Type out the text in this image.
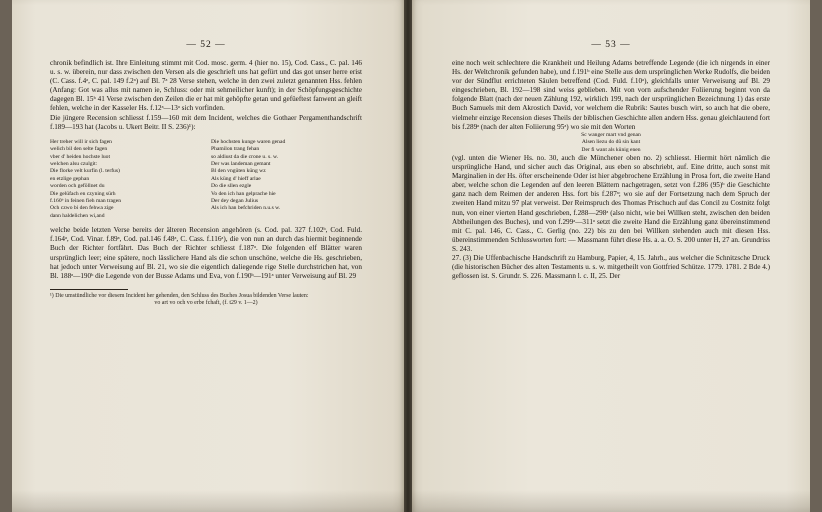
— 52 —

chronik befindlich ist. Ihre Einleitung stimmt mit Cod. mosc. germ. 4 (hier no. 15), Cod. Cass., C. pal. 146 u. s. w. überein, nur dass zwischen den Versen als die geschrieft uns hat gefürt und das got unser herre erist (C. Cass. f.4ᵃ, C. pal. 149 f.2ᵃ) auf Bl. 7ᵃ 28 Verse stehen, welche in den zwei zuletzt genannten Hss. fehlen (Anfang: Got was allus mit namen ie, Schluss: oder mit sehmeilicher kunft); in der Schöpfungsgeschichte dagegen Bl. 15ᵇ 41 Verse zwischen den Zeilen die er hat mit gehöpfte getan und gefüeftest fanwent an gleift fehlen, welche in der Kasseler Hs. f.12ᵃ—13ᵃ sich vorfinden.

Die jüngere Recension schliesst f.159—160 mit dem Incident, welches die Gothaer Pergamenthandschrift f.189—193 hat (Jacobs u. Ukert Beitr. II S. 236)¹):

Her treher will ir sich fagen
welich bil den selte fagen
vber d' heiden hochste luot
welchen alsu czulgit:
Die florke velt kurfin (l. terfus)
en etzlige gephan
worden och geföllnet du
Die gelüfach en czyning sürh
f.160ᵇ in feinen fieh man tragen
Och czwo bi den fehwa zige
dann haldelichen wi,and
Die hochsten kunge waren genad
Phamilon trang fehan
so aldiust da die crone u. s. w.
Der was landeman gemant
Bl den vngüten küng wz
Als küng d' hieff arlae
Do die sllen ezgle
Vo den ich han gelprache hie
Der dey degan Julius
Als ich han befchriden n.u.s w.

welche beide letzten Verse bereits der älteren Recension angehören (s. Cod. pal. 327 f.102ᵇ, Cod. Fuld. f.164ᵃ, Cod. Vinar. f.89ᵃ, Cod. pal.146 f.48ᵃ, C. Cass. f.116ᵃ), die von nun an durch das hiermit beginnende Buch der Richter fortfährt. Das Buch der Richter schliesst f.187ᵃ. Die folgenden elf Blätter waren ursprünglich leer; eine spätere, noch lässlichere Hand als die schon unschöne, welche die Hs. geschrieben, hat jedoch unter Verweisung auf Bl. 21, wo sie die eigentlich daliegende rige Stelle durchstrichen hat, von Bl. 188ᵃ—190ᵇ die Legende von der Busse Adams und Eva, von f.190ᵇ—191ᵃ unter Verweisung auf Bl. 29

¹) Die umstündliche vor diesem Incident her gehenden, den Schluss des Buches Josua bildenden Verse lauten:
vo art vo och vo erbe fchaft, (f. t29 v. 1—2)
— 53 —

eine noch weit schlechtere die Krankheit und Heilung Adams betreffende Legende (die ich nirgends in einer Hs. der Weltchronik gefunden habe), und f.191ᵇ eine Stelle aus dem ursprünglichen Werke Rudolfs, die beiden vor der Sündflut errichteten Säulen betreffend (Cod. Fuld. f.10ᵃ), gleichfalls unter Verweisung auf Bl. 29 eingeschrieben, Bl. 192—198 sind weiss geblieben. Mit von vorn aufschender Foliierung beginnt von da folgende Blatt (nach der neuen Zählung 192, wirklich 199, nach der ursprünglichen Bezeichnung 1) das erste Buch Samuels mit dem Akrostich David, vor welchem die Rubrik: Sautes busch wirt, so auch hat die obere, vielmehr einzige Recension dieses Theils der biblischen Geschichte allen andern Hss. genau gleichlautend fort bis f.289ᵃ (nach der alten Foliierung 95ᵃ) wo sie mit den Worten

Sc wanger mart vnd genan
Alsen liezu do dû sin kant
Der fi want als künig enen

(vgl. unten die Wiener Hs. no. 30, auch die Münchener oben no. 2) schliesst. Hiermit hört nämlich die ursprüngliche Hand, und sicher auch das Original, aus eben so abschriebt, auf. Eine dritte, auch sonst mit Marginalien in der Hs. öfter erscheinende Oder ist hier abgebrochene Erzählung in Prosa fort, die zweite Hand aber, welche schon die Legenden auf den leeren Blättern nachgetragen, setzt von f.286 (95)ᵇ die Geschichte ganz nach dem Reimen der anderen Hss. fort bis f.287ᵃ; wo sie auf der Fortsetzung nach dem Spruch der zweiten Hand mitzu 97 plat verweist. Der Reimspruch des Thomas Prischuch auf das Concil zu Costnitz folgt nun, von einer vierten Hand geschrieben, f.288—298ᵃ (also nicht, wie bei Willken steht, zwischen den beiden Abtheilungen des Buches), und von f.299ᵃ—311ᵃ setzt die zweite Hand die Erzählung ganz übereinstimmend mit C. pal. 146, C. Cass., C. Gerlig (no. 22) bis zu den bei Willken stehenden auch mit diesen Hss. übereinstimmenden Schlussworten fort: — Massmann führt diese Hs. a. a. O. S. 200 unter H, 27 an. Grundriss S. 243.

27. (3) Die Uffenbachische Handschrift zu Hamburg, Papier, 4, 15. Jahrh., aus welcher die Schnitzsche Druck (die historischen Bücher des alten Testaments u. s. w. mitgetheilt von Gottfried Schütze. 1779. 1781. 2 Bde 4.) geflossen ist. S. Grundr. S. 226. Massmann l. c. II, 25. Der
